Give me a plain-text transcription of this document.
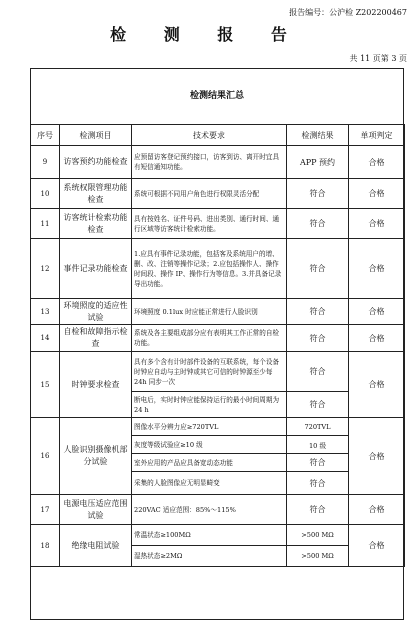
报告编号：公沪检 Z202200467
检 测 报 告
共 11 页第 3 页
检测结果汇总
序号	检测项目	技术要求	检测结果	单项判定
9	访客预约功能检查	应预留访客登记预约接口，访客到访、离开时宜具有短信通知功能。	APP 预约	合格
10	系统权限管理功能检查	系统可根据不同用户角色进行权限灵活分配	符合	合格
11	访客统计检索功能检查	具有按姓名、证件号码、进出类别、通行时间、通行区域等访客统计检索功能。	符合	合格
12	事件记录功能检查	1.应具有事件记录功能，包括客及系统用户的增、删、改、注销等操作记录；2.应包括操作人、操作时间段、操作 IP、操作行为等信息。3.并具备记录导出功能。	符合	合格
13	环境照度的适应性试验	环境照度 0.1lux 时应能正常进行人脸识别	符合	合格
14	自检和故障指示检查	系统及各主要组成部分应有表明其工作正常的自检功能。	符合	合格
15	时钟要求检查	具有多个含有计时部件设备的互联系统，每个设备时钟应自动与主时钟或其它可信的时钟源至少每 24h 同步一次	符合	合格
		断电后，实时时钟应能保持运行的最小时间周期为 24 h	符合	
16	人脸识别摄像机部分试验	图像水平分辨力应≥720TVL	720TVL	合格
		灰度等级试验应≥10 级	10 级	
		室外应用的产品应具备宽动态功能	符合	
		采集的人脸图像应无明显畸变	符合	
17	电源电压适应范围试验	220VAC 适应范围：85%～115%	符合	合格
18	绝缘电阻试验	常温状态≥100MΩ	>500 MΩ	合格
		湿热状态≥2MΩ	>500 MΩ	
